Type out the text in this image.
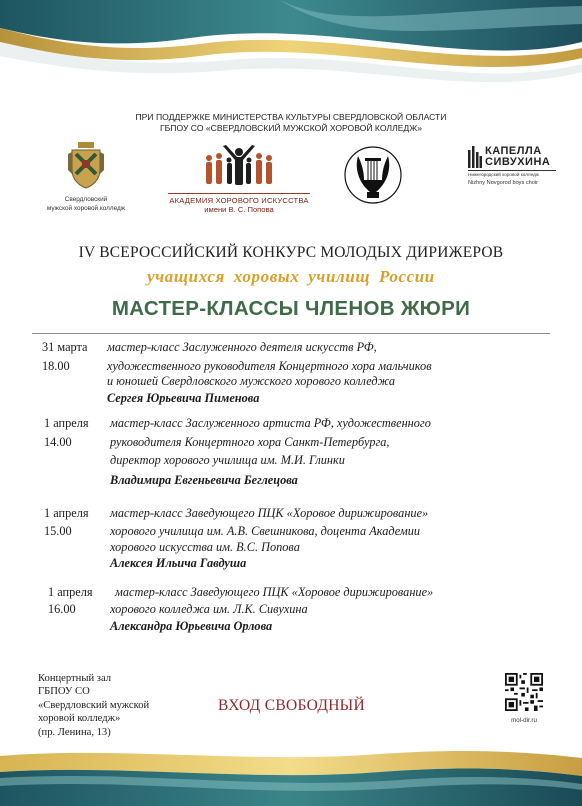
ПРИ ПОДДЕРЖКЕ МИНИСТЕРСТВА КУЛЬТУРЫ СВЕРДЛОВСКОЙ ОБЛАСТИ
ГБПОУ СО «СВЕРДЛОВСКИЙ МУЖСКОЙ ХОРОВОЙ КОЛЛЕДЖ»
Свердловский
мужской хоровой колледж
АКАДЕМИЯ ХОРОВОГО ИСКУССТВА
имени В. С. Попова
КАПЕЛЛА
СИВУХИНА
Нижегородский хоровой колледж
Nizhny Novgorod boys choir
IV ВСЕРОССИЙСКИЙ КОНКУРС МОЛОДЫХ ДИРИЖЕРОВ
учащихся хоровых училищ России
МАСТЕР-КЛАССЫ ЧЛЕНОВ ЖЮРИ
31 марта мастер-класс Заслуженного деятеля искусств РФ,
18.00	художественного руководителя Концертного хора мальчиков
и юношей Свердловского мужского хорового колледжа
Сергея Юрьевича Пименова
1 апреля мастер-класс Заслуженного артиста РФ, художественного
14.00	руководителя Концертного хора Санкт-Петербурга,
директор хорового училища им. М.И. Глинки
Владимира Евгеньевича Беглецова
1 апреля мастер-класс Заведующего ПЦК «Хоровое дирижирование»
15.00	хорового училища им. А.В. Свешникова, доцента Академии
хорового искусства им. В.С. Попова
Алексея Ильича Гавдуша
1 апреля мастер-класс Заведующего ПЦК «Хоровое дирижирование»
16.00	хорового колледжа им. Л.К. Сивухина
Александра Юрьевича Орлова
Концертный зал
ГБПОУ СО
«Свердловский мужской
хоровой колледж»
(пр. Ленина, 13)
ВХОД СВОБОДНЫЙ
mol-dir.ru
